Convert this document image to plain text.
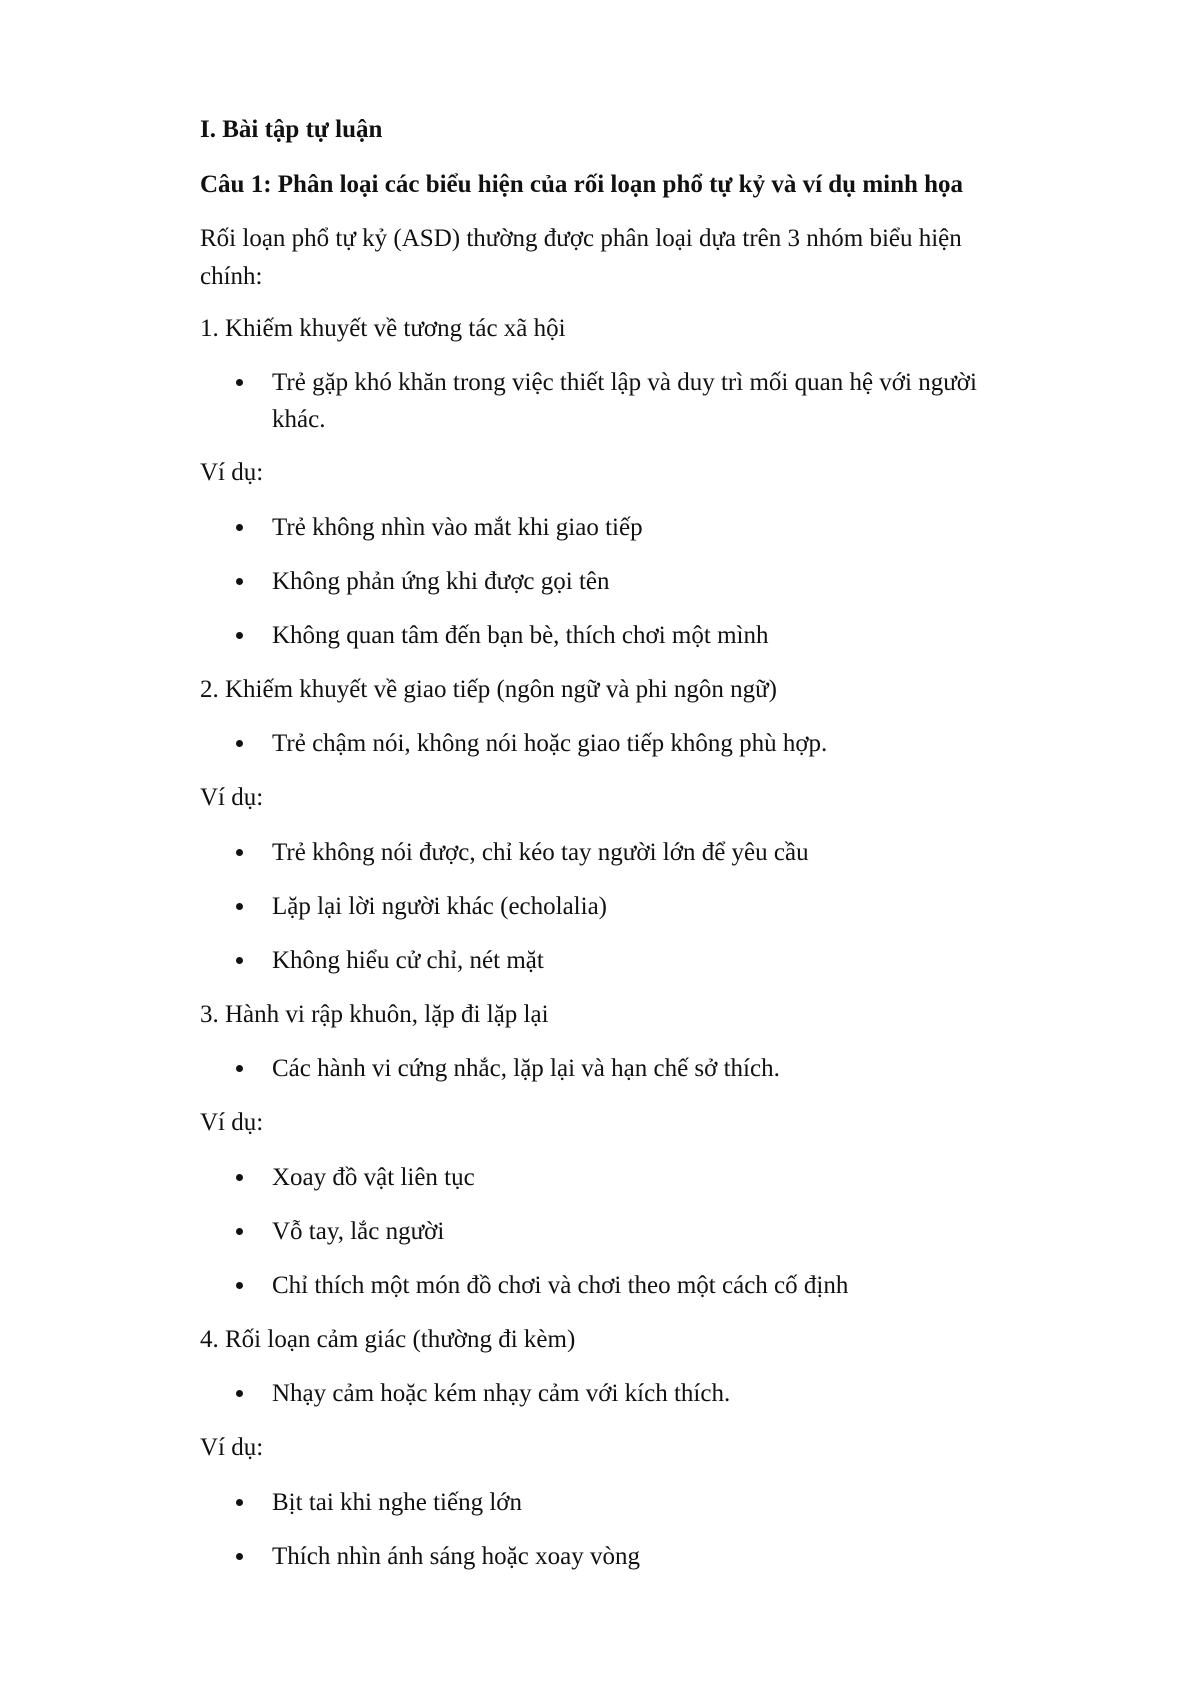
I. Bài tập tự luận

Câu 1: Phân loại các biểu hiện của rối loạn phổ tự kỷ và ví dụ minh họa

Rối loạn phổ tự kỷ (ASD) thường được phân loại dựa trên 3 nhóm biểu hiện

chính:

1. Khiếm khuyết về tương tác xã hội

Trẻ gặp khó khăn trong việc thiết lập và duy trì mối quan hệ với người

khác.

Ví dụ:

Trẻ không nhìn vào mắt khi giao tiếp

Không phản ứng khi được gọi tên

Không quan tâm đến bạn bè, thích chơi một mình

2. Khiếm khuyết về giao tiếp (ngôn ngữ và phi ngôn ngữ)

Trẻ chậm nói, không nói hoặc giao tiếp không phù hợp.

Ví dụ:

Trẻ không nói được, chỉ kéo tay người lớn để yêu cầu

Lặp lại lời người khác (echolalia)

Không hiểu cử chỉ, nét mặt

3. Hành vi rập khuôn, lặp đi lặp lại

Các hành vi cứng nhắc, lặp lại và hạn chế sở thích.

Ví dụ:

Xoay đồ vật liên tục

Vỗ tay, lắc người

Chỉ thích một món đồ chơi và chơi theo một cách cố định

4. Rối loạn cảm giác (thường đi kèm)

Nhạy cảm hoặc kém nhạy cảm với kích thích.

Ví dụ:

Bịt tai khi nghe tiếng lớn

Thích nhìn ánh sáng hoặc xoay vòng
